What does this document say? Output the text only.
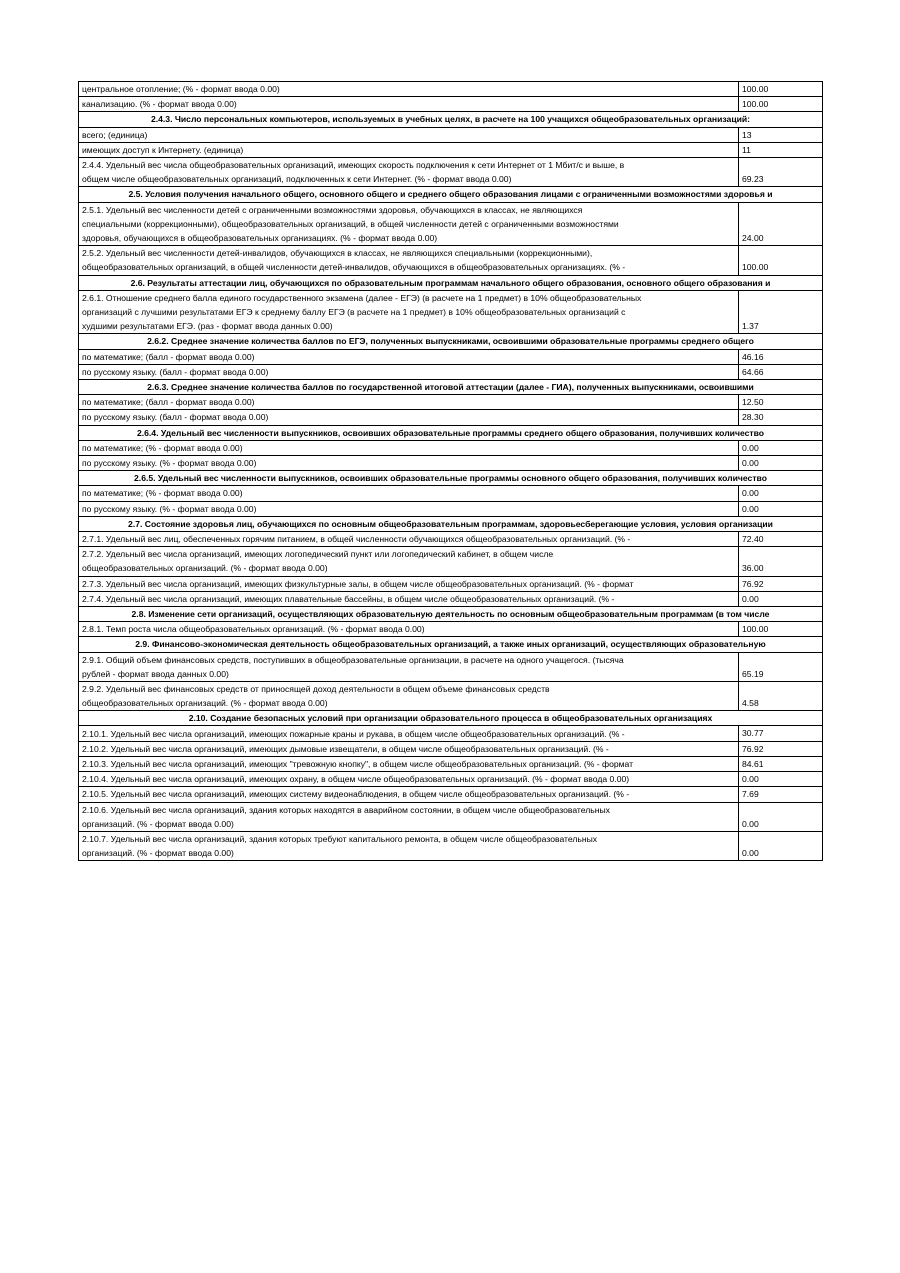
центральное отопление; (% - формат ввода 0.00)	100.00

канализацию. (% - формат ввода 0.00)	100.00
2.4.3. Число персональных компьютеров, используемых в учебных целях, в расчете на 100 учащихся общеобразовательных организаций:	

всего; (единица)	13

имеющих доступ к Интернету. (единица)	11

2.4.4. Удельный вес числа общеобразовательных организаций, имеющих скорость подключения к сети Интернет от 1 Мбит/с и выше, в
общем числе общеобразовательных организаций, подключенных к сети Интернет. (% - формат ввода 0.00)	69.23
2.5. Условия получения начального общего, основного общего и среднего общего образования лицами с ограниченными возможностями здоровья и	

2.5.1. Удельный вес численности детей с ограниченными возможностями здоровья, обучающихся в классах, не являющихся
специальными (коррекционными), общеобразовательных организаций, в общей численности детей с ограниченными возможностями
здоровья, обучающихся в общеобразовательных организациях. (% - формат ввода 0.00)	24.00

2.5.2. Удельный вес численности детей-инвалидов, обучающихся в классах, не являющихся специальными (коррекционными),
общеобразовательных организаций, в общей численности детей-инвалидов, обучающихся в общеобразовательных организациях. (% -	100.00
2.6. Результаты аттестации лиц, обучающихся по образовательным программам начального общего образования, основного общего образования и	

2.6.1. Отношение среднего балла единого государственного экзамена (далее - ЕГЭ) (в расчете на 1 предмет) в 10% общеобразовательных
организаций с лучшими результатами ЕГЭ к среднему баллу ЕГЭ (в расчете на 1 предмет) в 10% общеобразовательных организаций с
худшими результатами ЕГЭ. (раз - формат ввода данных 0.00)	1.37
2.6.2. Среднее значение количества баллов по ЕГЭ, полученных выпускниками, освоившими образовательные программы среднего общего	

по математике; (балл - формат ввода 0.00)	46.16

по русскому языку. (балл - формат ввода 0.00)	64.66
2.6.3. Среднее значение количества баллов по государственной итоговой аттестации (далее - ГИА), полученных выпускниками, освоившими	

по математике; (балл - формат ввода 0.00)	12.50

по русскому языку. (балл - формат ввода 0.00)	28.30
2.6.4. Удельный вес численности выпускников, освоивших образовательные программы среднего общего образования, получивших количество	

по математике; (% - формат ввода 0.00)	0.00

по русскому языку. (% - формат ввода 0.00)	0.00
2.6.5. Удельный вес численности выпускников, освоивших образовательные программы основного общего образования, получивших количество	

по математике; (% - формат ввода 0.00)	0.00

по русскому языку. (% - формат ввода 0.00)	0.00
2.7. Состояние здоровья лиц, обучающихся по основным общеобразовательным программам, здоровьесберегающие условия, условия организации	

2.7.1. Удельный вес лиц, обеспеченных горячим питанием, в общей численности обучающихся общеобразовательных организаций. (% -	72.40

2.7.2. Удельный вес числа организаций, имеющих логопедический пункт или логопедический кабинет, в общем числе
общеобразовательных организаций. (% - формат ввода 0.00)	36.00

2.7.3. Удельный вес числа организаций, имеющих физкультурные залы, в общем числе общеобразовательных организаций. (% - формат	76.92

2.7.4. Удельный вес числа организаций, имеющих плавательные бассейны, в общем числе общеобразовательных организаций. (% -	0.00
2.8. Изменение сети организаций, осуществляющих образовательную деятельность по основным общеобразовательным программам (в том числе	

2.8.1. Темп роста числа общеобразовательных организаций. (% - формат ввода 0.00)	100.00
2.9. Финансово-экономическая деятельность общеобразовательных организаций, а также иных организаций, осуществляющих образовательную	

2.9.1. Общий объем финансовых средств, поступивших в общеобразовательные организации, в расчете на одного учащегося. (тысяча
рублей - формат ввода данных 0.00)	65.19

2.9.2. Удельный вес финансовых средств от приносящей доход деятельности в общем объеме финансовых средств
общеобразовательных организаций. (% - формат ввода 0.00)	4.58
2.10. Создание безопасных условий при организации образовательного процесса в общеобразовательных организациях	

2.10.1. Удельный вес числа организаций, имеющих пожарные краны и рукава, в общем числе общеобразовательных организаций. (% -	30.77

2.10.2. Удельный вес числа организаций, имеющих дымовые извещатели, в общем числе общеобразовательных организаций. (% -	76.92

2.10.3. Удельный вес числа организаций, имеющих "тревожную кнопку", в общем числе общеобразовательных организаций. (% - формат	84.61

2.10.4. Удельный вес числа организаций, имеющих охрану, в общем числе общеобразовательных организаций. (% - формат ввода 0.00)	0.00

2.10.5. Удельный вес числа организаций, имеющих систему видеонаблюдения, в общем числе общеобразовательных организаций. (% -	7.69

2.10.6. Удельный вес числа организаций, здания которых находятся в аварийном состоянии, в общем числе общеобразовательных
организаций. (% - формат ввода 0.00)	0.00

2.10.7. Удельный вес числа организаций, здания которых требуют капитального ремонта, в общем числе общеобразовательных
организаций. (% - формат ввода 0.00)	0.00
